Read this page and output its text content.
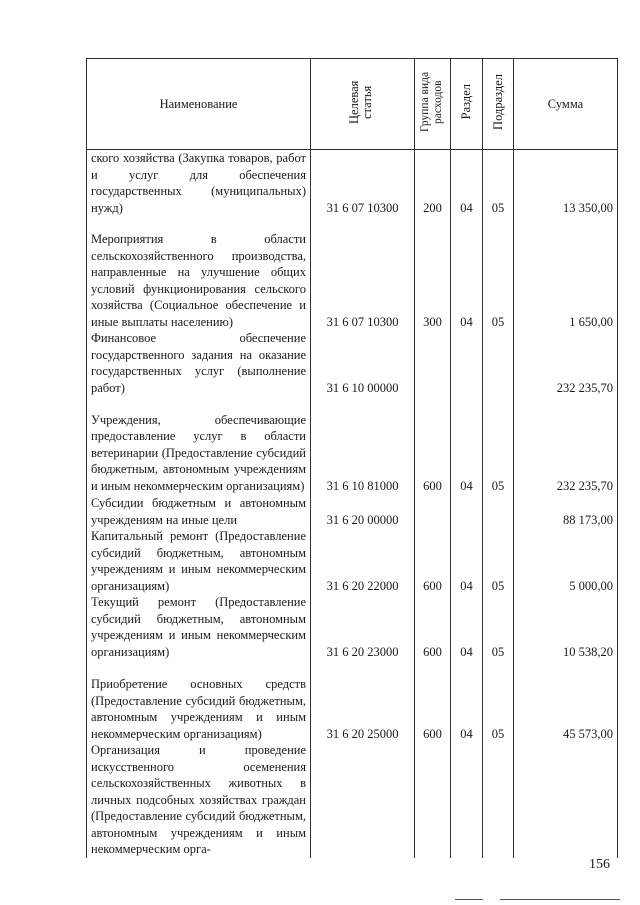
Наименование	Целевая статья	Группа вида расходов	Раздел	Подраздел	Сумма

ского хозяйства (Закупка товаров, работ и услуг для обеспечения государственных (муниципальных) нужд)	31 6 07 10300	200	04	05	13 350,00

Мероприятия в области сельскохозяйственного производства, направленные на улучшение общих условий функционирования сельского хозяйства (Социальное обеспечение и иные выплаты населению)	31 6 07 10300	300	04	05	1 650,00

Финансовое обеспечение государственного задания на оказание государственных услуг (выполнение работ)	31 6 10 00000				232 235,70

Учреждения, обеспечивающие предоставление услуг в области ветеринарии (Предоставление субсидий бюджетным, автономным учреждениям и иным некоммерческим организациям)	31 6 10 81000	600	04	05	232 235,70

Субсидии бюджетным и автономным учреждениям на иные цели	31 6 20 00000				88 173,00

Капитальный ремонт (Предоставление субсидий бюджетным, автономным учреждениям и иным некоммерческим организациям)	31 6 20 22000	600	04	05	5 000,00

Текущий ремонт (Предоставление субсидий бюджетным, автономным учреждениям и иным некоммерческим организациям)	31 6 20 23000	600	04	05	10 538,20

Приобретение основных средств (Предоставление субсидий бюджетным, автономным учреждениям и иным некоммерческим организациям)	31 6 20 25000	600	04	05	45 573,00

Организация и проведение искусственного осеменения сельскохозяйственных животных в личных подсобных хозяйствах граждан (Предоставление субсидий бюджетным, автономным учреждениям и иным некоммерческим орга-					

156
